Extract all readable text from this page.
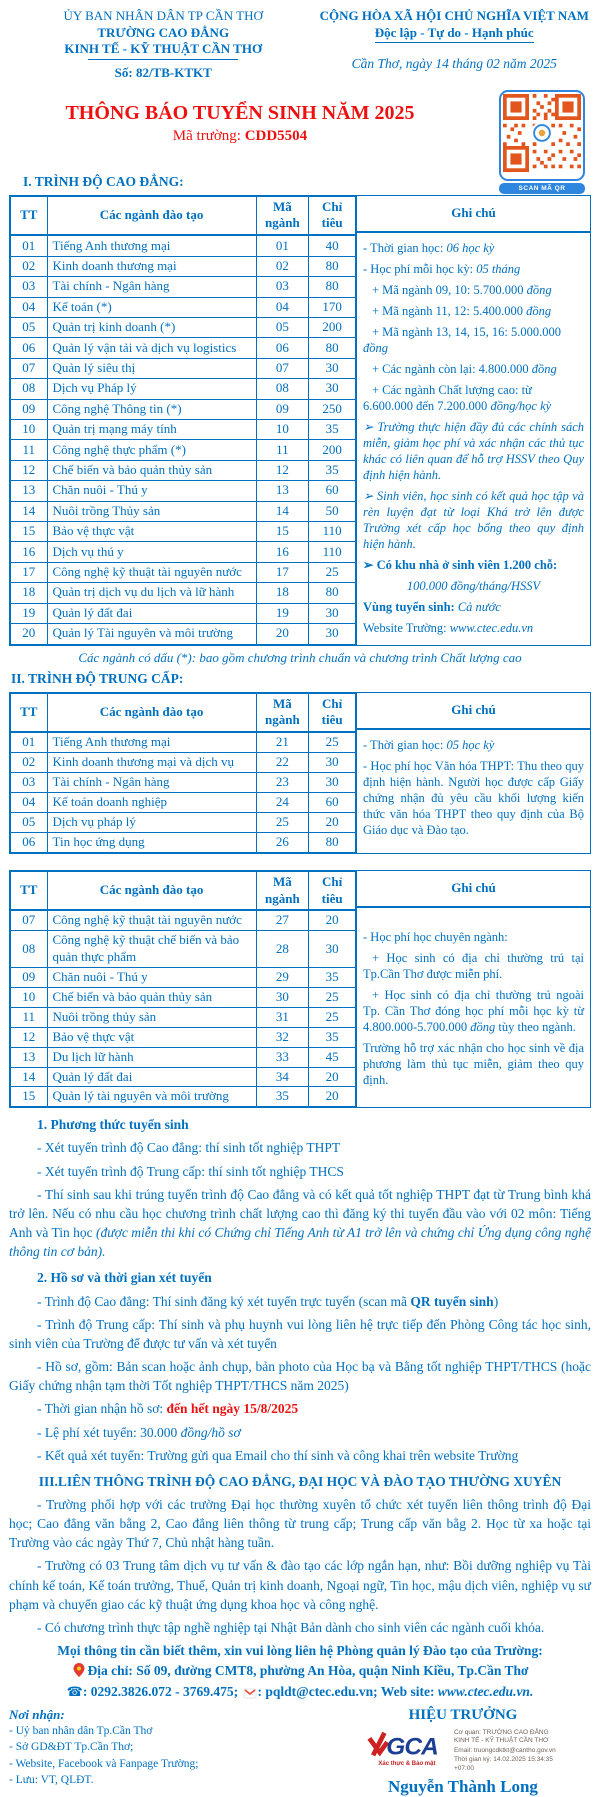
ỦY BAN NHÂN DÂN TP CẦN THƠ
TRƯỜNG CAO ĐẲNG
KINH TẾ - KỸ THUẬT CẦN THƠ
Số: 82/TB-KTKT
CỘNG HÒA XÃ HỘI CHỦ NGHĨA VIỆT NAM
Độc lập - Tự do - Hạnh phúc
Cần Thơ, ngày 14 tháng 02 năm 2025
THÔNG BÁO TUYỂN SINH NĂM 2025
Mã trường: CDD5504
SCAN MÃ QR
I. TRÌNH ĐỘ CAO ĐẲNG:
TT	Các ngành đào tạo	Mã ngành	Chỉ tiêu
01	Tiếng Anh thương mại	01	40
02	Kinh doanh thương mại	02	80
03	Tài chính - Ngân hàng	03	80
04	Kế toán (*)	04	170
05	Quản trị kinh doanh (*)	05	200
06	Quản lý vận tải và dịch vụ logistics	06	80
07	Quản lý siêu thị	07	30
08	Dịch vụ Pháp lý	08	30
09	Công nghệ Thông tin (*)	09	250
10	Quản trị mạng máy tính	10	35
11	Công nghệ thực phẩm (*)	11	200
12	Chế biến và bảo quản thủy sản	12	35
13	Chăn nuôi - Thú y	13	60
14	Nuôi trồng Thủy sản	14	50
15	Bảo vệ thực vật	15	110
16	Dịch vụ thú y	16	110
17	Công nghệ kỹ thuật tài nguyên nước	17	25
18	Quản trị dịch vụ du lịch và lữ hành	18	80
19	Quản lý đất đai	19	30
20	Quản lý Tài nguyên và môi trường	20	30
Ghi chú

- Thời gian học: 06 học kỳ

- Học phí mỗi học kỳ: 05 tháng

+ Mã ngành 09, 10: 5.700.000 đồng

+ Mã ngành 11, 12: 5.400.000 đồng

+ Mã ngành 13, 14, 15, 16: 5.000.000 đồng

+ Các ngành còn lại: 4.800.000 đồng

+ Các ngành Chất lượng cao: từ 6.600.000 đến 7.200.000 đồng/học kỳ

➢ Trường thực hiện đầy đủ các chính sách miễn, giảm học phí và xác nhận các thủ tục khác có liên quan để hỗ trợ HSSV theo Quy định hiện hành.

➢ Sinh viên, học sinh có kết quả học tập và rèn luyện đạt từ loại Khá trở lên được Trường xét cấp học bổng theo quy định hiện hành.

➢ Có khu nhà ở sinh viên 1.200 chỗ:

100.000 đồng/tháng/HSSV

Vùng tuyển sinh: Cả nước

Website Trường: www.ctec.edu.vn

Các ngành có dấu (*): bao gồm chương trình chuẩn và chương trình Chất lượng cao
II. TRÌNH ĐỘ TRUNG CẤP:
TT	Các ngành đào tạo	Mã ngành	Chỉ tiêu
01	Tiếng Anh thương mại	21	25
02	Kinh doanh thương mại và dịch vụ	22	30
03	Tài chính - Ngân hàng	23	30
04	Kế toán doanh nghiệp	24	60
05	Dịch vụ pháp lý	25	20
06	Tin học ứng dụng	26	80
Ghi chú

- Thời gian học: 05 học kỳ

- Học phí học Văn hóa THPT: Thu theo quy định hiện hành. Người học được cấp Giấy chứng nhận đủ yêu cầu khối lượng kiến thức văn hóa THPT theo quy định của Bộ Giáo dục và Đào tạo.

TT	Các ngành đào tạo	Mã ngành	Chỉ tiêu
07	Công nghệ kỹ thuật tài nguyên nước	27	20
08	Công nghệ kỹ thuật chế biến và bảo quản thực phẩm	28	30
09	Chăn nuôi - Thú y	29	35
10	Chế biến và bảo quản thủy sản	30	25
11	Nuôi trồng thủy sản	31	25
12	Bảo vệ thực vật	32	35
13	Du lịch lữ hành	33	45
14	Quản lý đất đai	34	20
15	Quản lý tài nguyên và môi trường	35	20
Ghi chú

- Học phí học chuyên ngành:

+ Học sinh có địa chỉ thường trú tại Tp.Cần Thơ được miễn phí.

+ Học sinh có địa chỉ thường trú ngoài Tp. Cần Thơ đóng học phí mỗi học kỳ từ 4.800.000-5.700.000 đồng tùy theo ngành.

Trường hỗ trợ xác nhận cho học sinh về địa phương làm thủ tục miễn, giảm theo quy định.

1. Phương thức tuyển sinh

- Xét tuyển trình độ Cao đẳng: thí sinh tốt nghiệp THPT

- Xét tuyển trình độ Trung cấp: thí sinh tốt nghiệp THCS

- Thí sinh sau khi trúng tuyển trình độ Cao đẳng và có kết quả tốt nghiệp THPT đạt từ Trung bình khá trở lên. Nếu có nhu cầu học chương trình chất lượng cao thì đăng ký thi tuyển đầu vào với 02 môn: Tiếng Anh và Tin học (được miễn thi khi có Chứng chỉ Tiếng Anh từ A1 trở lên và chứng chỉ Ứng dụng công nghệ thông tin cơ bản).

2. Hồ sơ và thời gian xét tuyển

- Trình độ Cao đẳng: Thí sinh đăng ký xét tuyển trực tuyến (scan mã QR tuyển sinh)

- Trình độ Trung cấp: Thí sinh và phụ huynh vui lòng liên hệ trực tiếp đến Phòng Công tác học sinh, sinh viên của Trường để được tư vấn và xét tuyển

- Hồ sơ, gồm: Bản scan hoặc ảnh chụp, bản photo của Học bạ và Bằng tốt nghiệp THPT/THCS (hoặc Giấy chứng nhận tạm thời Tốt nghiệp THPT/THCS năm 2025)

- Thời gian nhận hồ sơ: đến hết ngày 15/8/2025

- Lệ phí xét tuyển: 30.000 đồng/hồ sơ

- Kết quả xét tuyển: Trường gửi qua Email cho thí sinh và công khai trên website Trường

III.LIÊN THÔNG TRÌNH ĐỘ CAO ĐẲNG, ĐẠI HỌC VÀ ĐÀO TẠO THƯỜNG XUYÊN

- Trường phối hợp với các trường Đại học thường xuyên tổ chức xét tuyển liên thông trình độ Đại học; Cao đẳng văn bằng 2, Cao đẳng liên thông từ trung cấp; Trung cấp văn bằg 2. Học từ xa hoặc tại Trường vào các ngày Thứ 7, Chủ nhật hàng tuần.

- Trường có 03 Trung tâm dịch vụ tư vấn & đào tạo các lớp ngắn hạn, như: Bồi dưỡng nghiệp vụ Tài chính kế toán, Kế toán trưởng, Thuế, Quản trị kinh doanh, Ngoại ngữ, Tin học, mậu dịch viên, nghiệp vụ sư phạm và chuyển giao các kỹ thuật ứng dụng khoa học và công nghệ.

- Có chương trình thực tập nghề nghiệp tại Nhật Bản dành cho sinh viên các ngành cuối khóa.

Mọi thông tin cần biết thêm, xin vui lòng liên hệ Phòng quản lý Đào tạo của Trường:
Địa chỉ: Số 09, đường CMT8, phường An Hòa, quận Ninh Kiều, Tp.Cần Thơ
☎: 0292.3826.072 - 3769.475; : pqldt@ctec.edu.vn; Web site: www.ctec.edu.vn.
Nơi nhận:

- Uỷ ban nhân dân Tp.Cần Thơ

- Sở GD&ĐT Tp.Cần Thơ;

- Website, Facebook và Fanpage Trường;

- Lưu: VT, QLĐT.

HIỆU TRƯỞNG
GCA
Xác thực & Bảo mật

Cơ quan: TRƯỜNG CAO ĐẲNG KINH TẾ - KỸ THUẬT CẦN THƠ

Email: truongcdktkt@cantho.gov.vn

Thời gian ký: 14.02.2025 15:34:35 +07:00

Nguyễn Thành Long
